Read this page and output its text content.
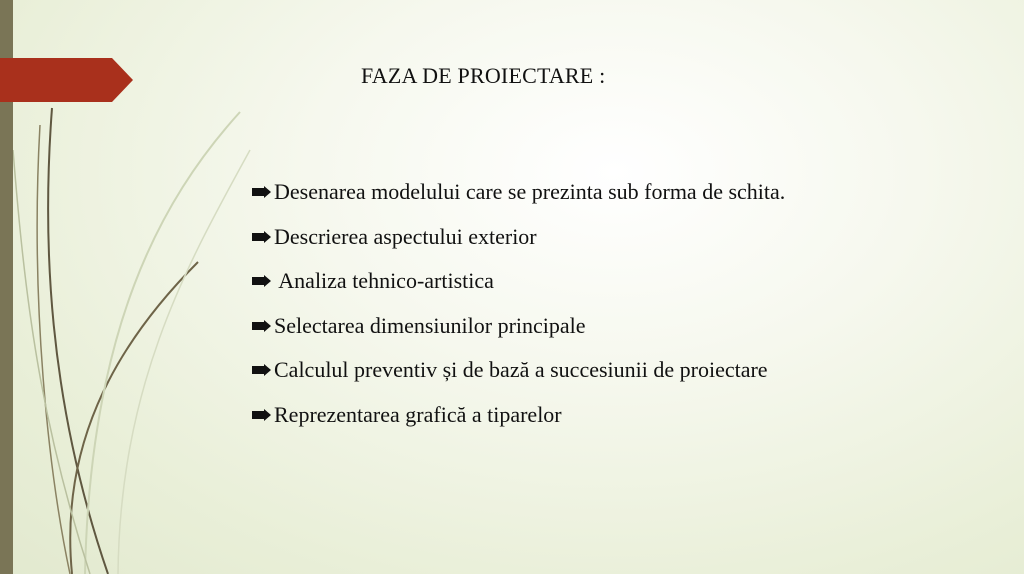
FAZA DE PROIECTARE :
Desenarea modelului care se prezinta sub forma de schita.
Descrierea aspectului exterior
Analiza tehnico-artistica
Selectarea dimensiunilor principale
Calculul preventiv și de bază a succesiunii de proiectare
Reprezentarea grafică a tiparelor
